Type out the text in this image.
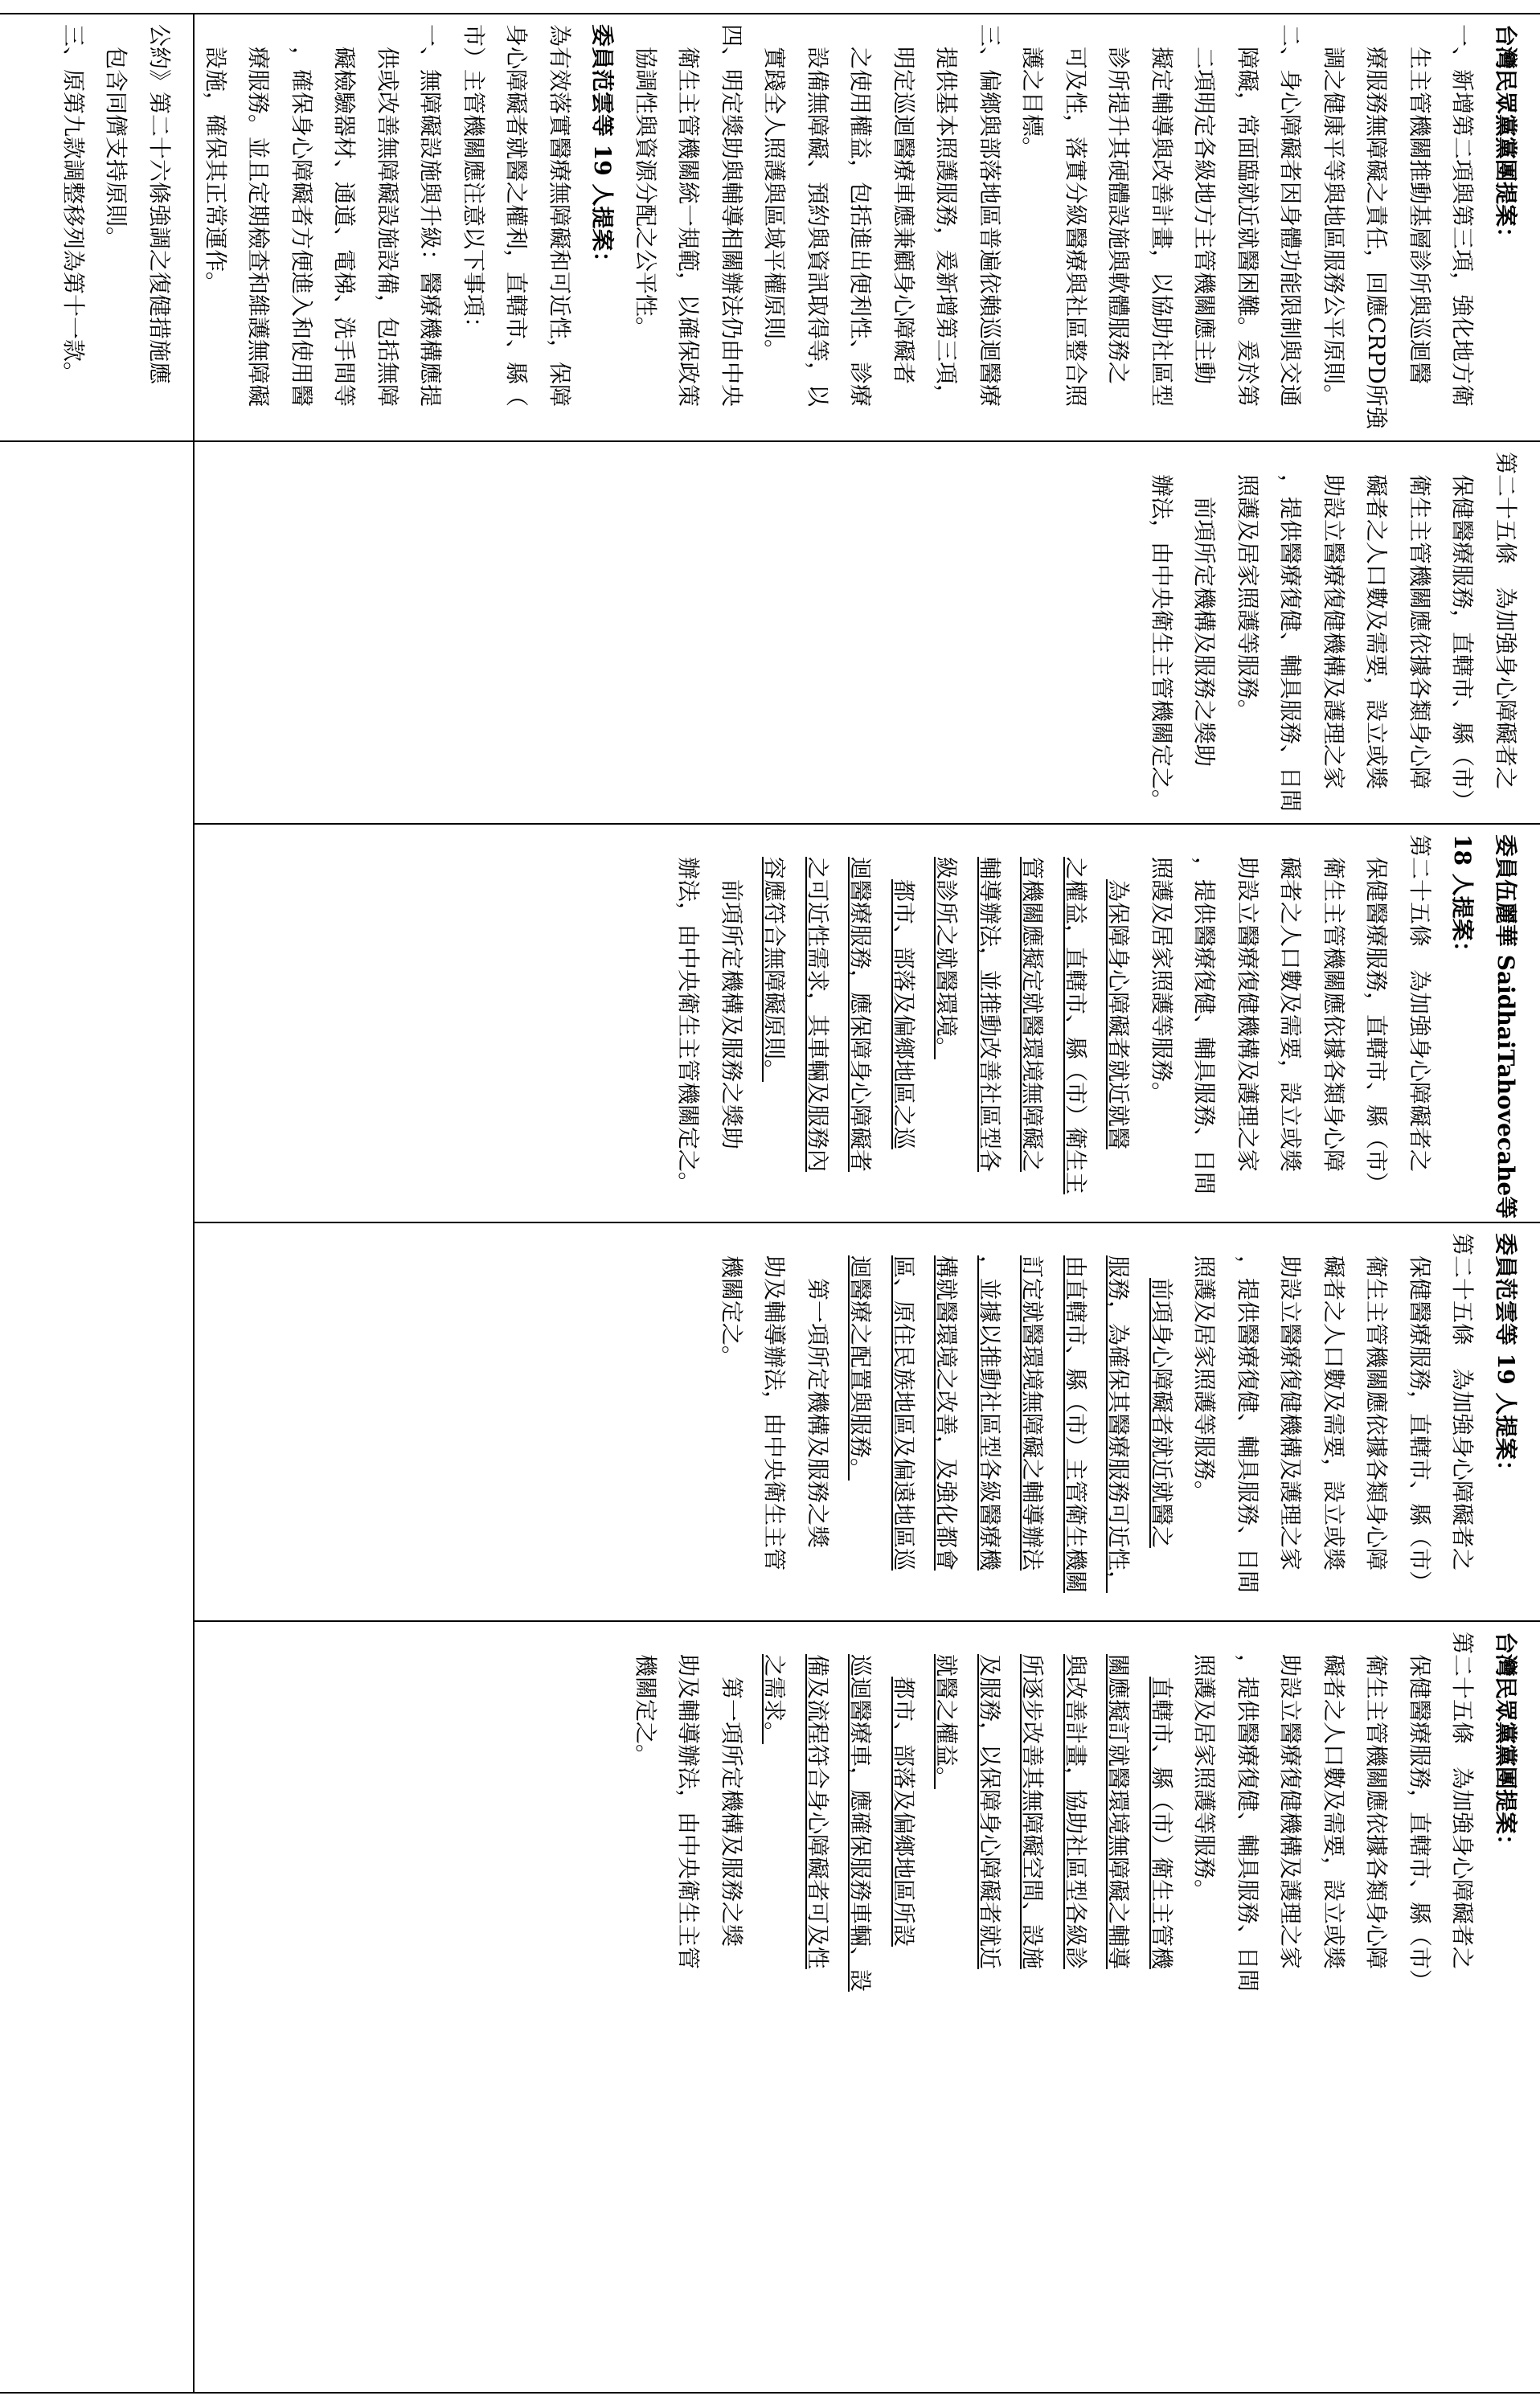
公約》第二十六條強調之復健措施應
　包含同儕支持原則。
三、原第九款調整移列為第十一款。	台灣民眾黨黨團提案：
一、新增第二項與第三項，強化地方衛
　生主管機關推動基層診所與巡迴醫
　療服務無障礙之責任，回應CRPD所強
　調之健康平等與地區服務公平原則。
二、身心障礙者因身體功能限制與交通
　障礙，常面臨就近就醫困難。爰於第
　二項明定各級地方主管機關應主動
　擬定輔導與改善計畫，以協助社區型
　診所提升其硬體設施與軟體服務之
　可及性，落實分級醫療與社區整合照
　護之目標。
三、偏鄉與部落地區普遍依賴巡迴醫療
　提供基本照護服務，爰新增第三項，
　明定巡迴醫療車應兼顧身心障礙者
　之使用權益，包括進出便利性、診療
　設備無障礙、預約與資訊取得等，以
　實踐全人照護與區域平權原則。
四、明定獎助與輔導相關辦法仍由中央
　衛生主管機關統一規範，以確保政策
　協調性與資源分配之公平性。
委員范雲等 19 人提案：
為有效落實醫療無障礙和可近性，保障
身心障礙者就醫之權利，直轄市、縣（
市）主管機關應注意以下事項：
一、無障礙設施與升級：醫療機構應提
　供或改善無障礙設施設備，包括無障
　礙檢驗器材、通道、電梯、洗手間等
　，確保身心障礙者方便進入和使用醫
　療服務。並且定期檢查和維護無障礙
　設施，確保其正常運作。
第二十五條　為加強身心障礙者之
　保健醫療服務，直轄市、縣（市）
　衛生主管機關應依據各類身心障
　礙者之人口數及需要，設立或獎
　助設立醫療復健機構及護理之家
　，提供醫療復健、輔具服務、日間
　照護及居家照護等服務。
　　前項所定機構及服務之獎助
　辦法，由中央衛生主管機關定之。
委員伍麗華 SaidhaiTahovecahe等
18 人提案：
第二十五條　為加強身心障礙者之
　保健醫療服務，直轄市、縣（市）
　衛生主管機關應依據各類身心障
　礙者之人口數及需要，設立或獎
　助設立醫療復健機構及護理之家
　，提供醫療復健、輔具服務、日間
　照護及居家照護等服務。
　　為保障身心障礙者就近就醫
　之權益，直轄市、縣（市）衛生主
　管機關應擬定就醫環境無障礙之
　輔導辦法，並推動改善社區型各
　級診所之就醫環境。
　　都市、部落及偏鄉地區之巡
　迴醫療服務，應保障身心障礙者
　之可近性需求，其車輛及服務內
　容應符合無障礙原則。
　　前項所定機構及服務之獎助
　辦法，由中央衛生主管機關定之。
委員范雲等 19 人提案：
第二十五條　為加強身心障礙者之
　保健醫療服務，直轄市、縣（市）
　衛生主管機關應依據各類身心障
　礙者之人口數及需要，設立或獎
　助設立醫療復健機構及護理之家
　，提供醫療復健、輔具服務、日間
　照護及居家照護等服務。
　　前項身心障礙者就近就醫之
　服務，為確保其醫療服務可近性，
　由直轄市、縣（市）主管衛生機關
　訂定就醫環境無障礙之輔導辦法
　，並據以推動社區型各級醫療機
　構就醫環境之改善，及強化都會
　區、原住民族地區及偏遠地區巡
　迴醫療之配置與服務。
　　第一項所定機構及服務之獎
　助及輔導辦法，由中央衛生主管
　機關定之。
台灣民眾黨黨團提案：
第二十五條　為加強身心障礙者之
　保健醫療服務，直轄市、縣（市）
　衛生主管機關應依據各類身心障
　礙者之人口數及需要，設立或獎
　助設立醫療復健機構及護理之家
　，提供醫療復健、輔具服務、日間
　照護及居家照護等服務。
　　直轄市、縣（市）衛生主管機
　關應擬訂就醫環境無障礙之輔導
　與改善計畫，協助社區型各級診
　所逐步改善其無障礙空間、設施
　及服務，以保障身心障礙者就近
　就醫之權益。
　　都市、部落及偏鄉地區所設
　巡迴醫療車，應確保服務車輛、設
　備及流程符合身心障礙者可及性
　之需求。
　　第一項所定機構及服務之獎
　助及輔導辦法，由中央衛生主管
　機關定之。
